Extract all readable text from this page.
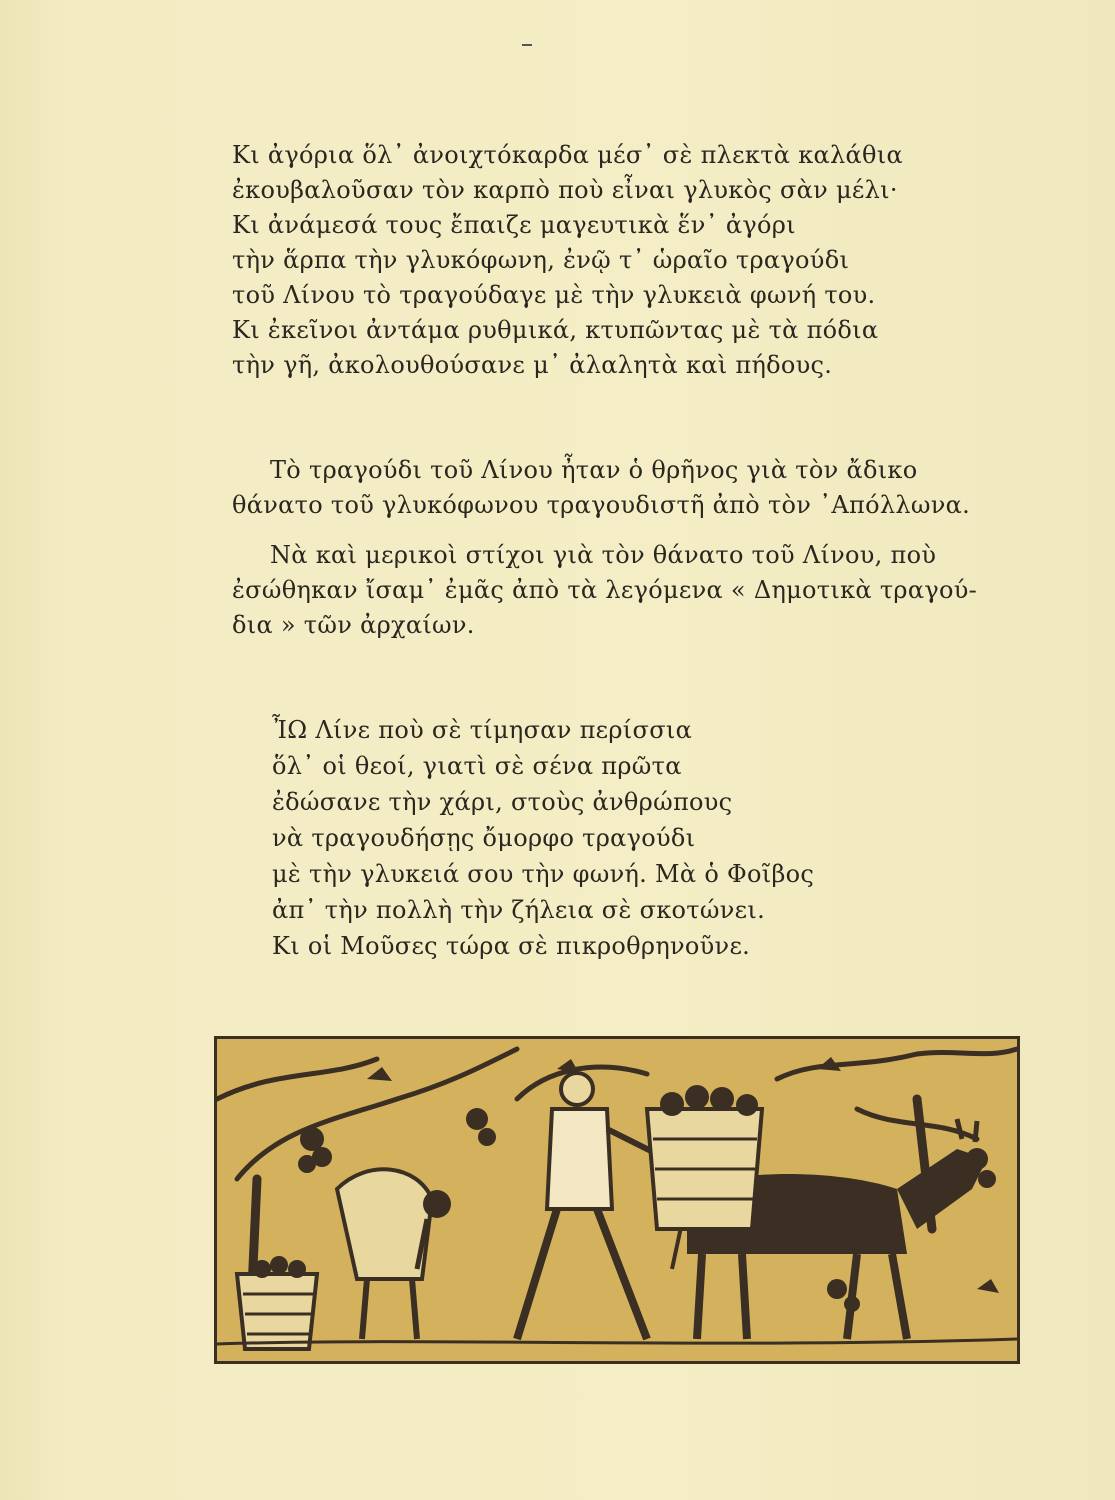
Κι ἀγόρια ὅλ᾿ ἀνοιχτόκαρδα μέσ᾿ σὲ πλεκτὰ καλάθια
ἐκουβαλοῦσαν τὸν καρπὸ ποὺ εἶναι γλυκὸς σὰν μέλι·
Κι ἀνάμεσά τους ἔπαιζε μαγευτικὰ ἕν᾿ ἀγόρι
τὴν ἅρπα τὴν γλυκόφωνη, ἐνῷ τ᾿ ὡραῖο τραγούδι
τοῦ Λίνου τὸ τραγούδαγε μὲ τὴν γλυκειὰ φωνή του.
Κι ἐκεῖνοι ἀντάμα ρυθμικά, κτυπῶντας μὲ τὰ πόδια
τὴν γῆ, ἀκολουθούσανε μ᾿ ἀλαλητὰ καὶ πήδους.
Τὸ τραγούδι τοῦ Λίνου ἦταν ὁ θρῆνος γιὰ τὸν ἄδικο
θάνατο τοῦ γλυκόφωνου τραγουδιστῆ ἀπὸ τὸν ᾿Απόλλωνα.
Νὰ καὶ μερικοὶ στίχοι γιὰ τὸν θάνατο τοῦ Λίνου, ποὺ
ἐσώθηκαν ἴσαμ᾿ ἐμᾶς ἀπὸ τὰ λεγόμενα « Δημοτικὰ τραγού-
δια » τῶν ἀρχαίων.
ἾΩ Λίνε ποὺ σὲ τίμησαν περίσσια
ὅλ᾿ οἱ θεοί, γιατὶ σὲ σένα πρῶτα
ἐδώσανε τὴν χάρι, στοὺς ἀνθρώπους
νὰ τραγουδήσῃς ὄμορφο τραγούδι
μὲ τὴν γλυκειά σου τὴν φωνή. Μὰ ὁ Φοῖβος
ἀπ᾿ τὴν πολλὴ τὴν ζήλεια σὲ σκοτώνει.
Κι οἱ Μοῦσες τώρα σὲ πικροθρηνοῦνε.
